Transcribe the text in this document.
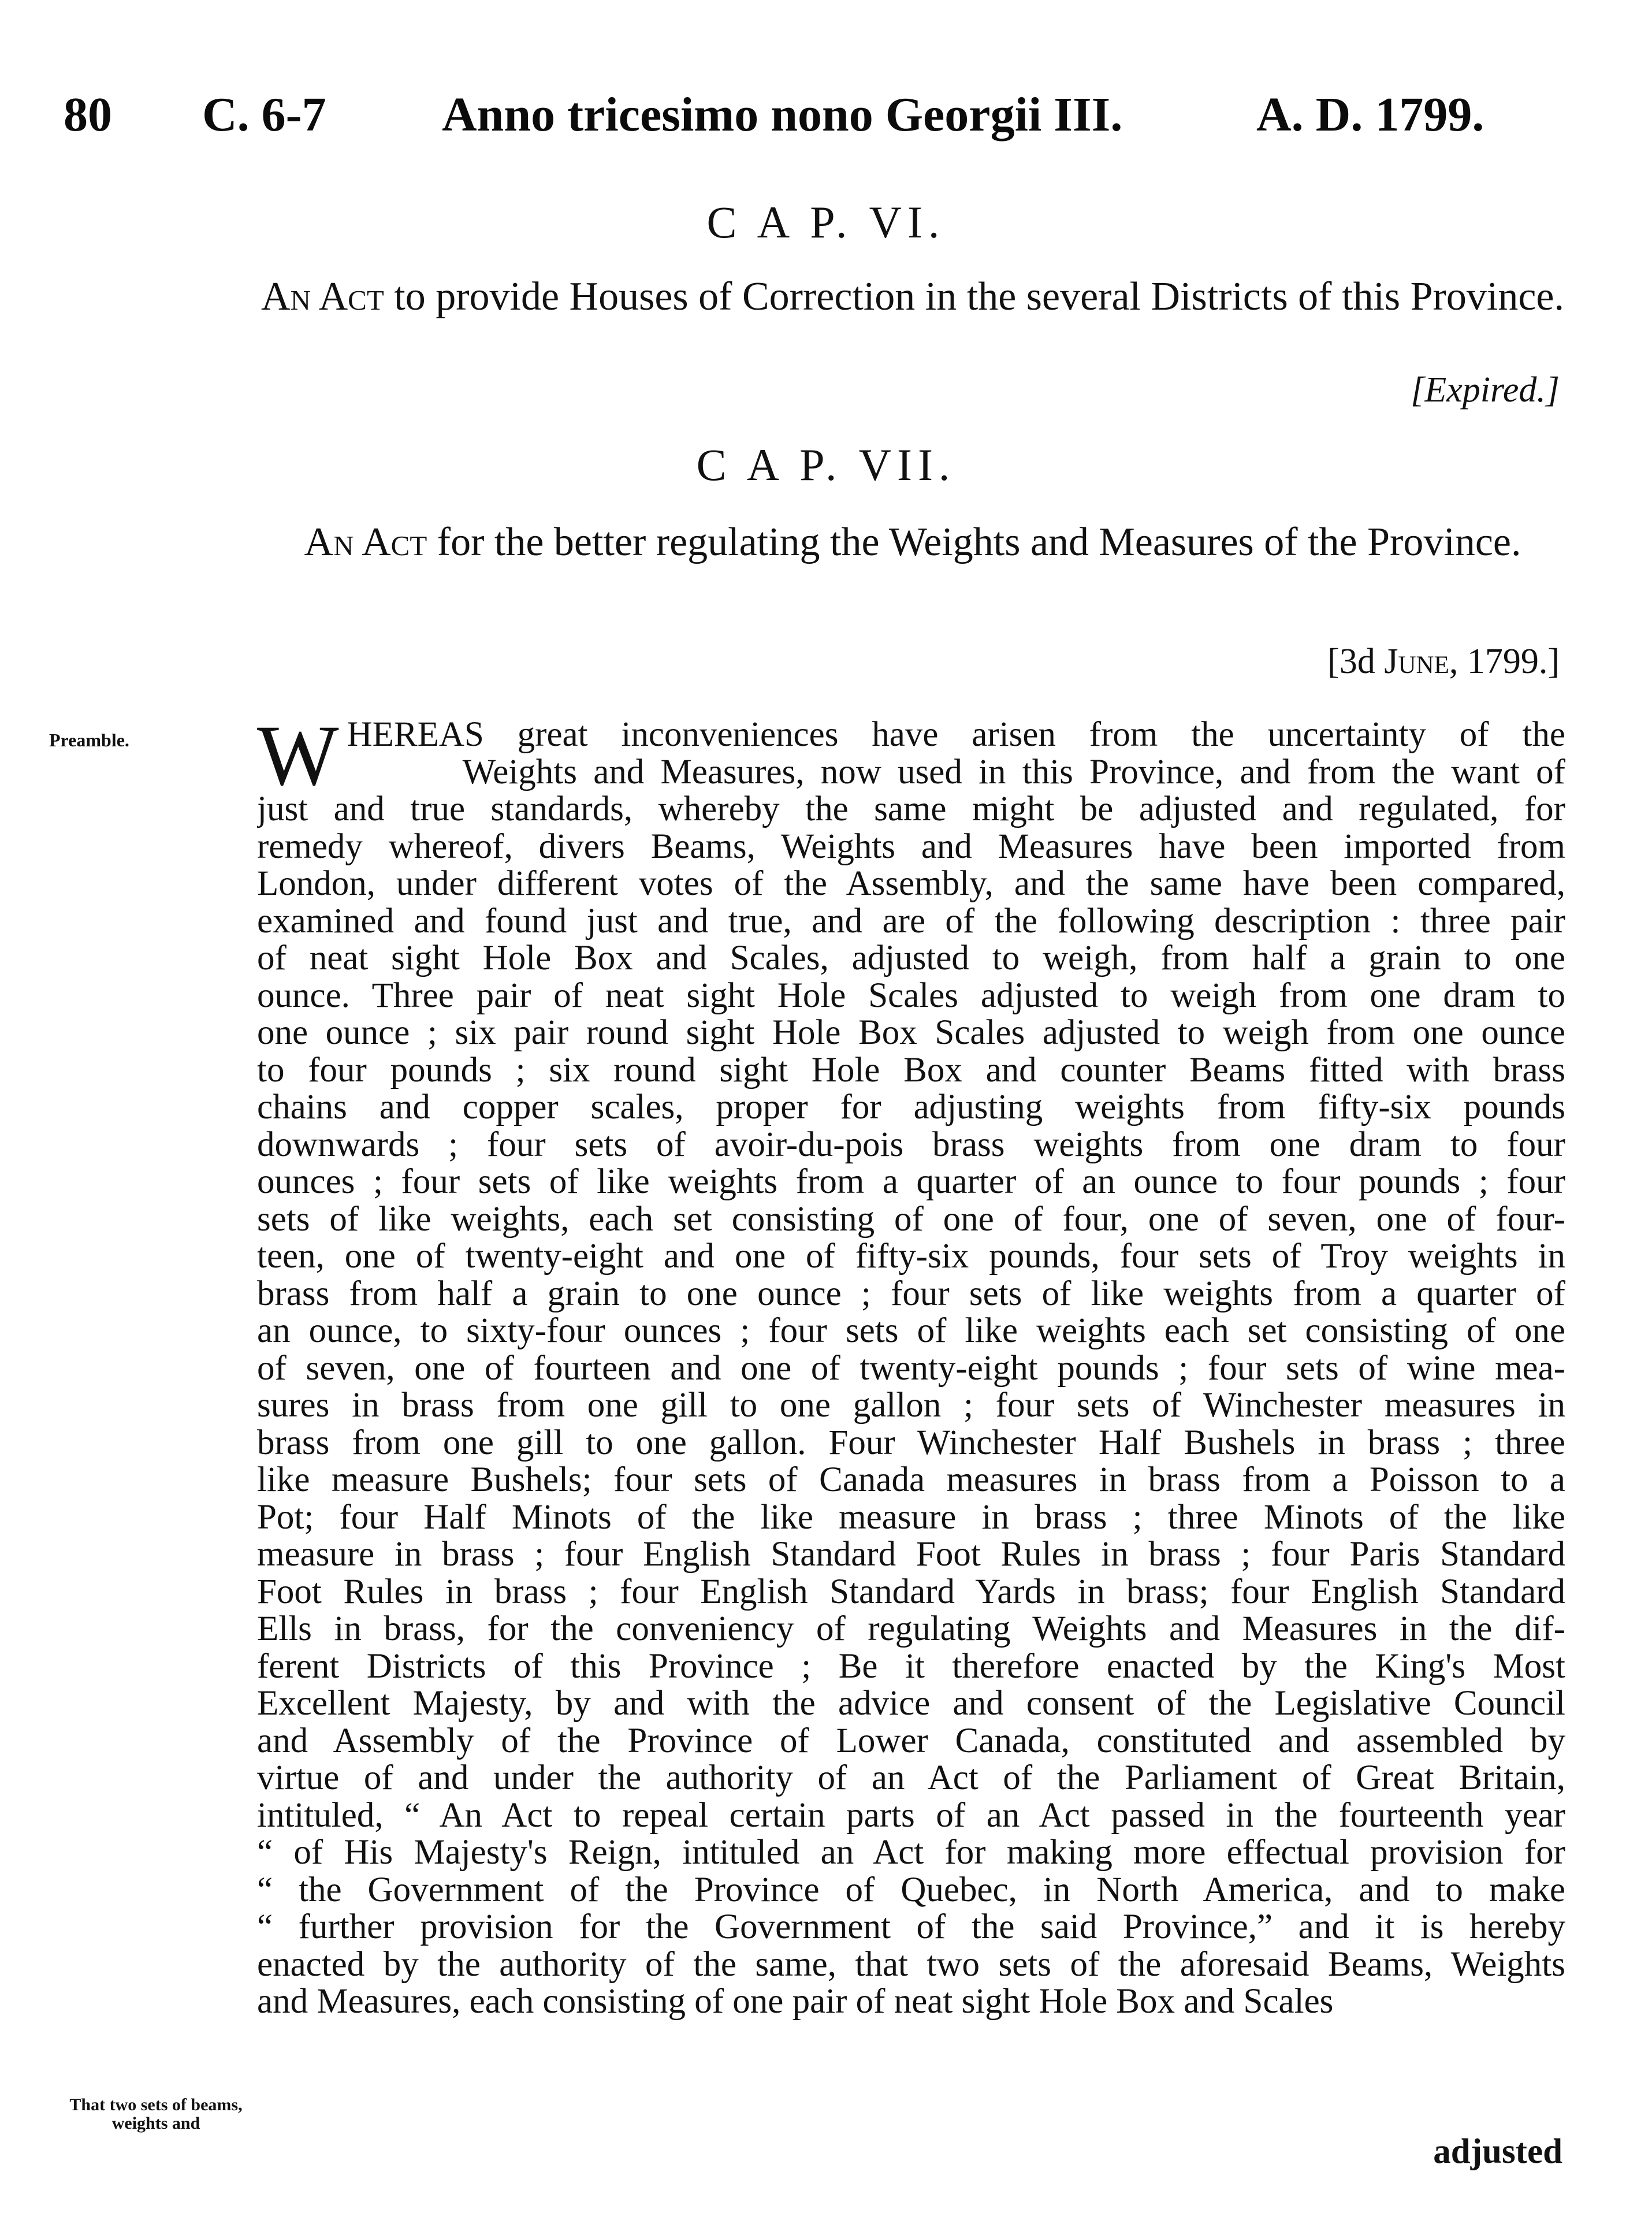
80 C. 6-7 Anno tricesimo nono Georgii III.	A. D. 1799.
C A P. VI.
An Act to provide Houses of Correction in the several Districts of this Province.
[Expired.]
C A P. VII.
An Act for the better regulating the Weights and Measures of the Province.
[3d June, 1799.]
Preamble.
That two sets of beams, weights and
W HEREAS great inconveniences have arisen from the uncertainty of the
Weights and Measures, now used in this Province, and from the want of
just and true standards, whereby the same might be adjusted and regulated, for
remedy whereof, divers Beams, Weights and Measures have been imported from
London, under different votes of the Assembly, and the same have been compared,
examined and found just and true, and are of the following description : three pair
of neat sight Hole Box and Scales, adjusted to weigh, from half a grain to one
ounce. Three pair of neat sight Hole Scales adjusted to weigh from one dram to
one ounce ; six pair round sight Hole Box Scales adjusted to weigh from one ounce
to four pounds ; six round sight Hole Box and counter Beams fitted with brass
chains and copper scales, proper for adjusting weights from fifty-six pounds
downwards ; four sets of avoir-du-pois brass weights from one dram to four
ounces ; four sets of like weights from a quarter of an ounce to four pounds ; four
sets of like weights, each set consisting of one of four, one of seven, one of four-
teen, one of twenty-eight and one of fifty-six pounds, four sets of Troy weights in
brass from half a grain to one ounce ; four sets of like weights from a quarter of
an ounce, to sixty-four ounces ; four sets of like weights each set consisting of one
of seven, one of fourteen and one of twenty-eight pounds ; four sets of wine mea-
sures in brass from one gill to one gallon ; four sets of Winchester measures in
brass from one gill to one gallon. Four Winchester Half Bushels in brass ; three
like measure Bushels; four sets of Canada measures in brass from a Poisson to a
Pot; four Half Minots of the like measure in brass ; three Minots of the like
measure in brass ; four English Standard Foot Rules in brass ; four Paris Standard
Foot Rules in brass ; four English Standard Yards in brass; four English Standard
Ells in brass, for the conveniency of regulating Weights and Measures in the dif-
ferent Districts of this Province ; Be it therefore enacted by the King's Most
Excellent Majesty, by and with the advice and consent of the Legislative Council
and Assembly of the Province of Lower Canada, constituted and assembled by
virtue of and under the authority of an Act of the Parliament of Great Britain,
intituled, “ An Act to repeal certain parts of an Act passed in the fourteenth year
“ of His Majesty's Reign, intituled an Act for making more effectual provision for
“ the Government of the Province of Quebec, in North America, and to make
“ further provision for the Government of the said Province,” and it is hereby
enacted by the authority of the same, that two sets of the aforesaid Beams, Weights
and Measures, each consisting of one pair of neat sight Hole Box and Scales
adjusted
